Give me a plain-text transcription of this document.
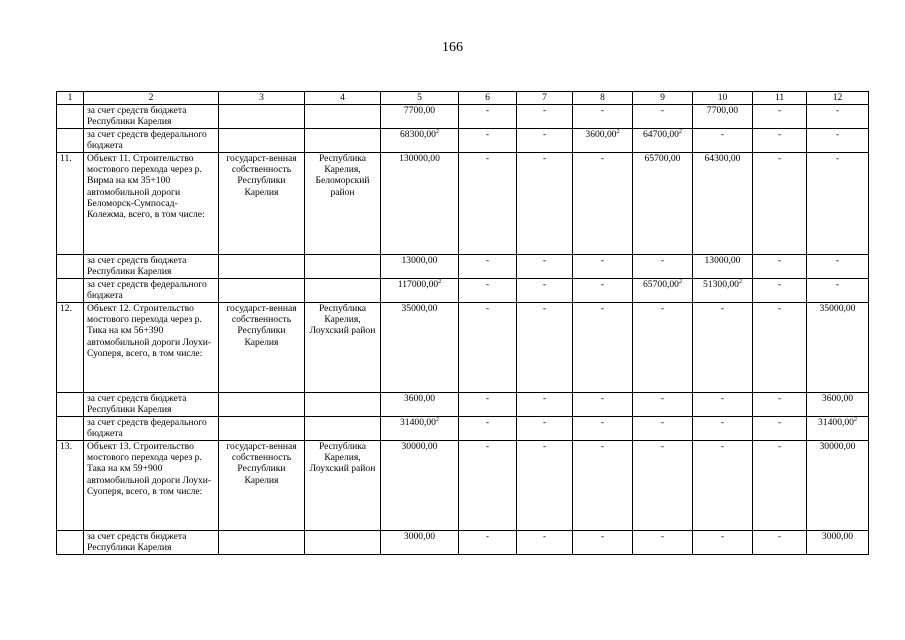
166
1	2	3	4	5	6	7	8	9	10	11	12
	за счет средств бюджета Республики Карелия			7700,00	-	-	-	-	7700,00	-	-
	за счет средств федерального бюджета			68300,00$^2$	-	-	3600,00$^2$	64700,00$^2$	-	-	-
11.	Объект 11. Строительство мостового перехода через р. Вирма на км 35+100 автомобильной дороги Беломорск-Сумпосад-Колежма, всего, в том числе:	государст-венная собственность Республики Карелия	Республика Карелия, Беломорский район	130000,00	-	-	-	65700,00	64300,00	-	-
	за счет средств бюджета Республики Карелия			13000,00	-	-	-	-	13000,00	-	-
	за счет средств федерального бюджета			117000,00$^2$	-	-	-	65700,00$^2$	51300,00$^2$	-	-
12.	Объект 12. Строительство мостового перехода через р. Тика на км 56+390 автомобильной дороги Лоухи-Суоперя, всего, в том числе:	государст-венная собственность Республики Карелия	Республика Карелия, Лоухский район	35000,00	-	-	-	-	-	-	35000,00
	за счет средств бюджета Республики Карелия			3600,00	-	-	-	-	-	-	3600,00
	за счет средств федерального бюджета			31400,00$^2$	-	-	-	-	-	-	31400,00$^2$
13.	Объект 13. Строительство мостового перехода через р. Така на км 59+900 автомобильной дороги Лоухи-Суоперя, всего, в том числе:	государст-венная собственность Республики Карелия	Республика Карелия, Лоухский район	30000,00	-	-	-	-	-	-	30000,00
	за счет средств бюджета Республики Карелия			3000,00	-	-	-	-	-	-	3000,00
